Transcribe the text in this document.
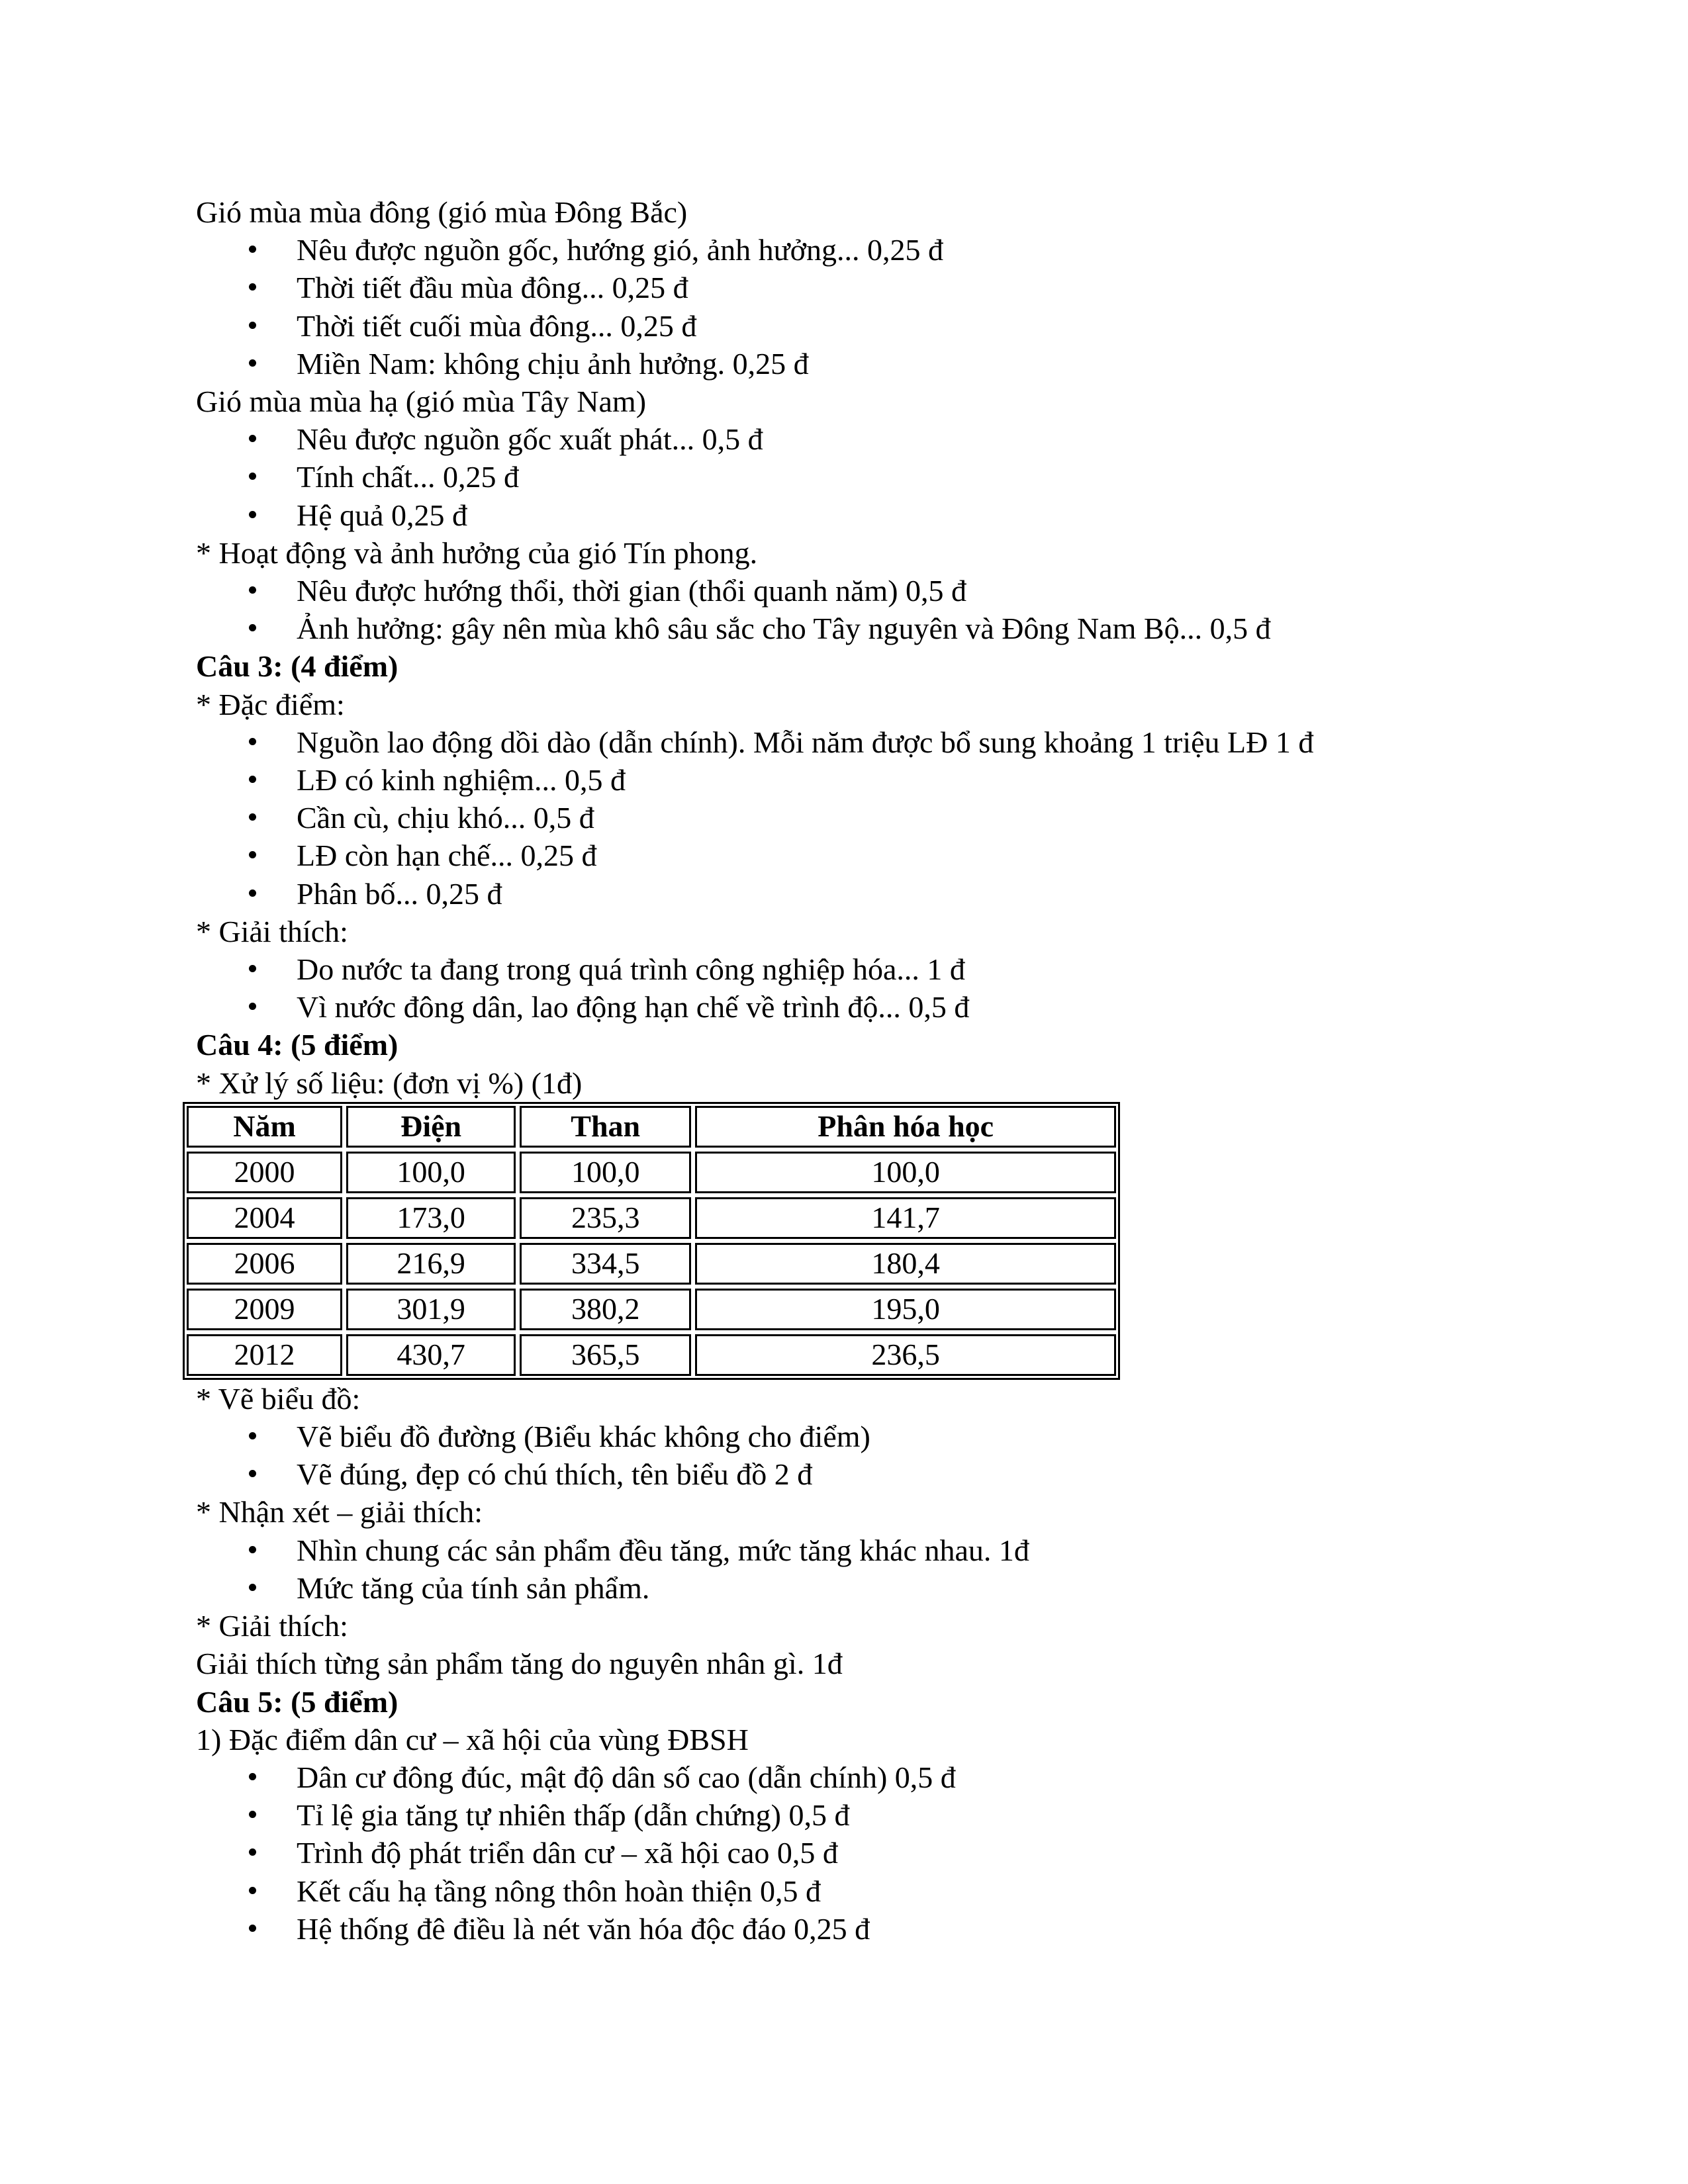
Gió mùa mùa đông (gió mùa Đông Bắc)

Nêu được nguồn gốc, hướng gió, ảnh hưởng... 0,25 đ
Thời tiết đầu mùa đông... 0,25 đ
Thời tiết cuối mùa đông... 0,25 đ
Miền Nam: không chịu ảnh hưởng. 0,25 đ

Gió mùa mùa hạ (gió mùa Tây Nam)

Nêu được nguồn gốc xuất phát... 0,5 đ
Tính chất... 0,25 đ
Hệ quả 0,25 đ

* Hoạt động và ảnh hưởng của gió Tín phong.

Nêu được hướng thổi, thời gian (thổi quanh năm) 0,5 đ
Ảnh hưởng: gây nên mùa khô sâu sắc cho Tây nguyên và Đông Nam Bộ... 0,5 đ

Câu 3: (4 điểm)

* Đặc điểm:

Nguồn lao động dồi dào (dẫn chính). Mỗi năm được bổ sung khoảng 1 triệu LĐ 1 đ
LĐ có kinh nghiệm... 0,5 đ
Cần cù, chịu khó... 0,5 đ
LĐ còn hạn chế... 0,25 đ
Phân bố... 0,25 đ

* Giải thích:

Do nước ta đang trong quá trình công nghiệp hóa... 1 đ
Vì nước đông dân, lao động hạn chế về trình độ... 0,5 đ

Câu 4: (5 điểm)

* Xử lý số liệu: (đơn vị %) (1đ)

Năm	Điện	Than	Phân hóa học
2000	100,0	100,0	100,0
2004	173,0	235,3	141,7
2006	216,9	334,5	180,4
2009	301,9	380,2	195,0
2012	430,7	365,5	236,5

* Vẽ biểu đồ:

Vẽ biểu đồ đường (Biểu khác không cho điểm)
Vẽ đúng, đẹp có chú thích, tên biểu đồ 2 đ

* Nhận xét – giải thích:

Nhìn chung các sản phẩm đều tăng, mức tăng khác nhau. 1đ
Mức tăng của tính sản phẩm.

* Giải thích:

Giải thích từng sản phẩm tăng do nguyên nhân gì. 1đ

Câu 5: (5 điểm)

1) Đặc điểm dân cư – xã hội của vùng ĐBSH

Dân cư đông đúc, mật độ dân số cao (dẫn chính) 0,5 đ
Tỉ lệ gia tăng tự nhiên thấp (dẫn chứng) 0,5 đ
Trình độ phát triển dân cư – xã hội cao 0,5 đ
Kết cấu hạ tầng nông thôn hoàn thiện 0,5 đ
Hệ thống đê điều là nét văn hóa độc đáo 0,25 đ
